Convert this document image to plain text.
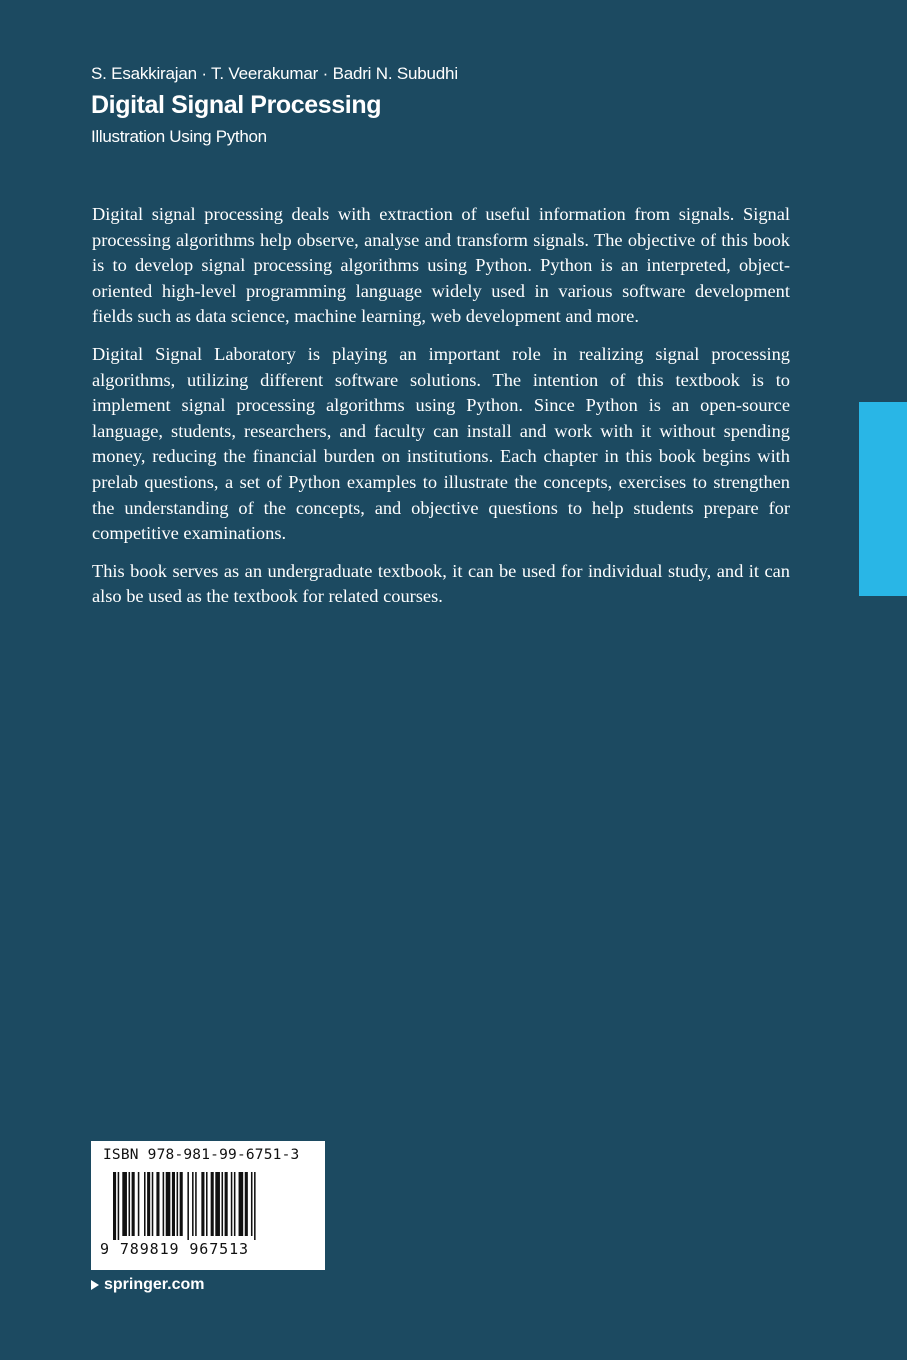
S. Esakkirajan · T. Veerakumar · Badri N. Subudhi
Digital Signal Processing
Illustration Using Python

Digital signal processing deals with extraction of useful information from signals. Signal processing algorithms help observe, analyse and transform signals. The objective of this book is to develop signal processing algorithms using Python. Python is an interpreted, object-oriented high-level programming language widely used in various software development fields such as data science, machine learning, web development and more.

Digital Signal Laboratory is playing an important role in realizing signal processing algorithms, utilizing different software solutions. The intention of this textbook is to implement signal processing algorithms using Python. Since Python is an open-source language, students, researchers, and faculty can install and work with it without spending money, reducing the financial burden on institutions. Each chapter in this book begins with prelab questions, a set of Python examples to illustrate the concepts, exercises to strengthen the understanding of the concepts, and objective questions to help students prepare for competitive examinations.

This book serves as an undergraduate textbook, it can be used for individual study, and it can also be used as the textbook for related courses.

ISBN 978-981-99-6751-3
9 789819 967513
springer.com
